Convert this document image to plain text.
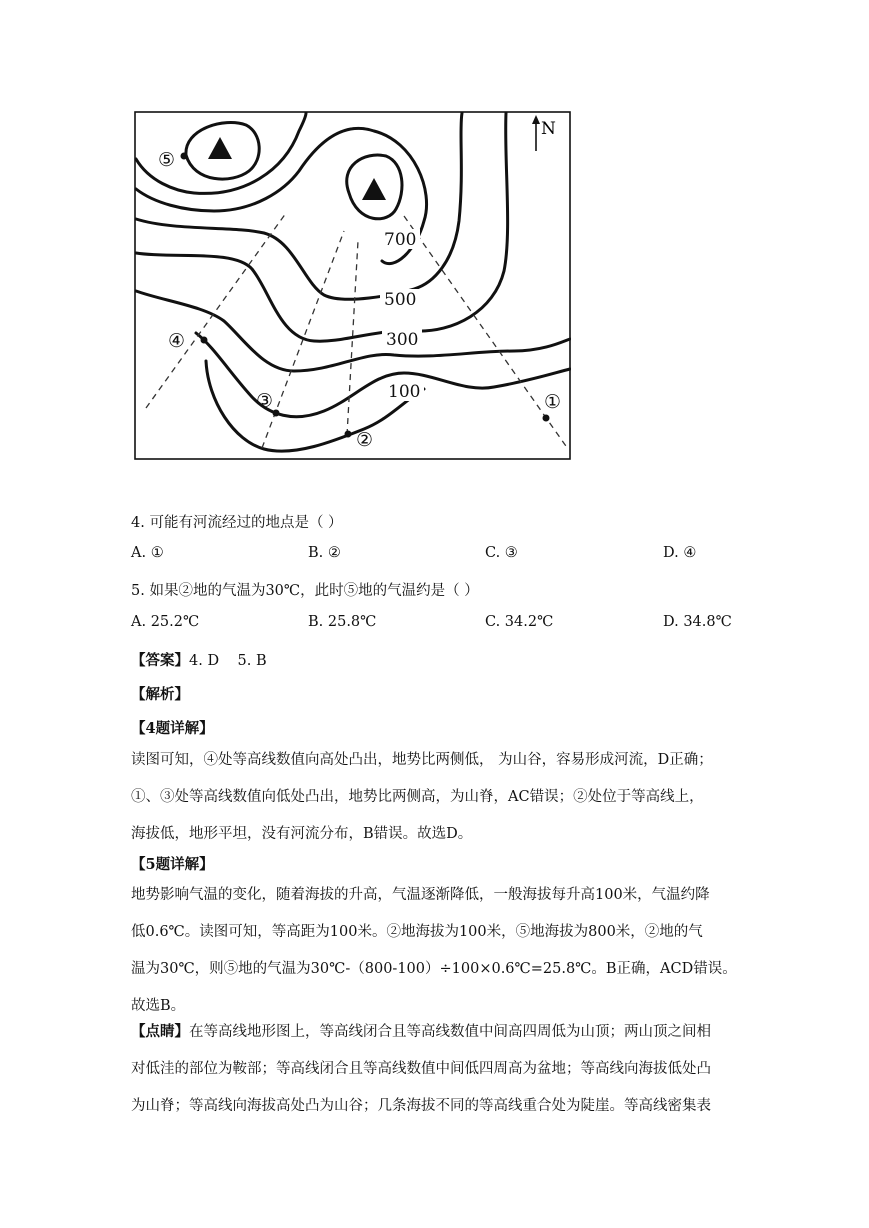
N
700
500
300
100	①
②
③
④
⑤
4. 可能有河流经过的地点是（ ）
A. ①	B. ②	C. ③	D. ④
5. 如果②地的气温为30℃，此时⑤地的气温约是（ ）
A. 25.2℃	B. 25.8℃	C. 34.2℃	D. 34.8℃
【答案】4. D    5. B
【解析】
【4题详解】

读图可知，④处等高线数值向高处凸出，地势比两侧低， 为山谷，容易形成河流，D正确；

①、③处等高线数值向低处凸出，地势比两侧高，为山脊，AC错误；②处位于等高线上，

海拔低，地形平坦，没有河流分布，B错误。故选D。

【5题详解】

地势影响气温的变化，随着海拔的升高，气温逐渐降低，一般海拔每升高100米，气温约降

低0.6℃。读图可知，等高距为100米。②地海拔为100米，⑤地海拔为800米，②地的气

温为30℃，则⑤地的气温为30℃-（800-100）÷100×0.6℃=25.8℃。B正确，ACD错误。

故选B。

【点睛】在等高线地形图上，等高线闭合且等高线数值中间高四周低为山顶；两山顶之间相

对低洼的部位为鞍部；等高线闭合且等高线数值中间低四周高为盆地；等高线向海拔低处凸

为山脊；等高线向海拔高处凸为山谷；几条海拔不同的等高线重合处为陡崖。等高线密集表
